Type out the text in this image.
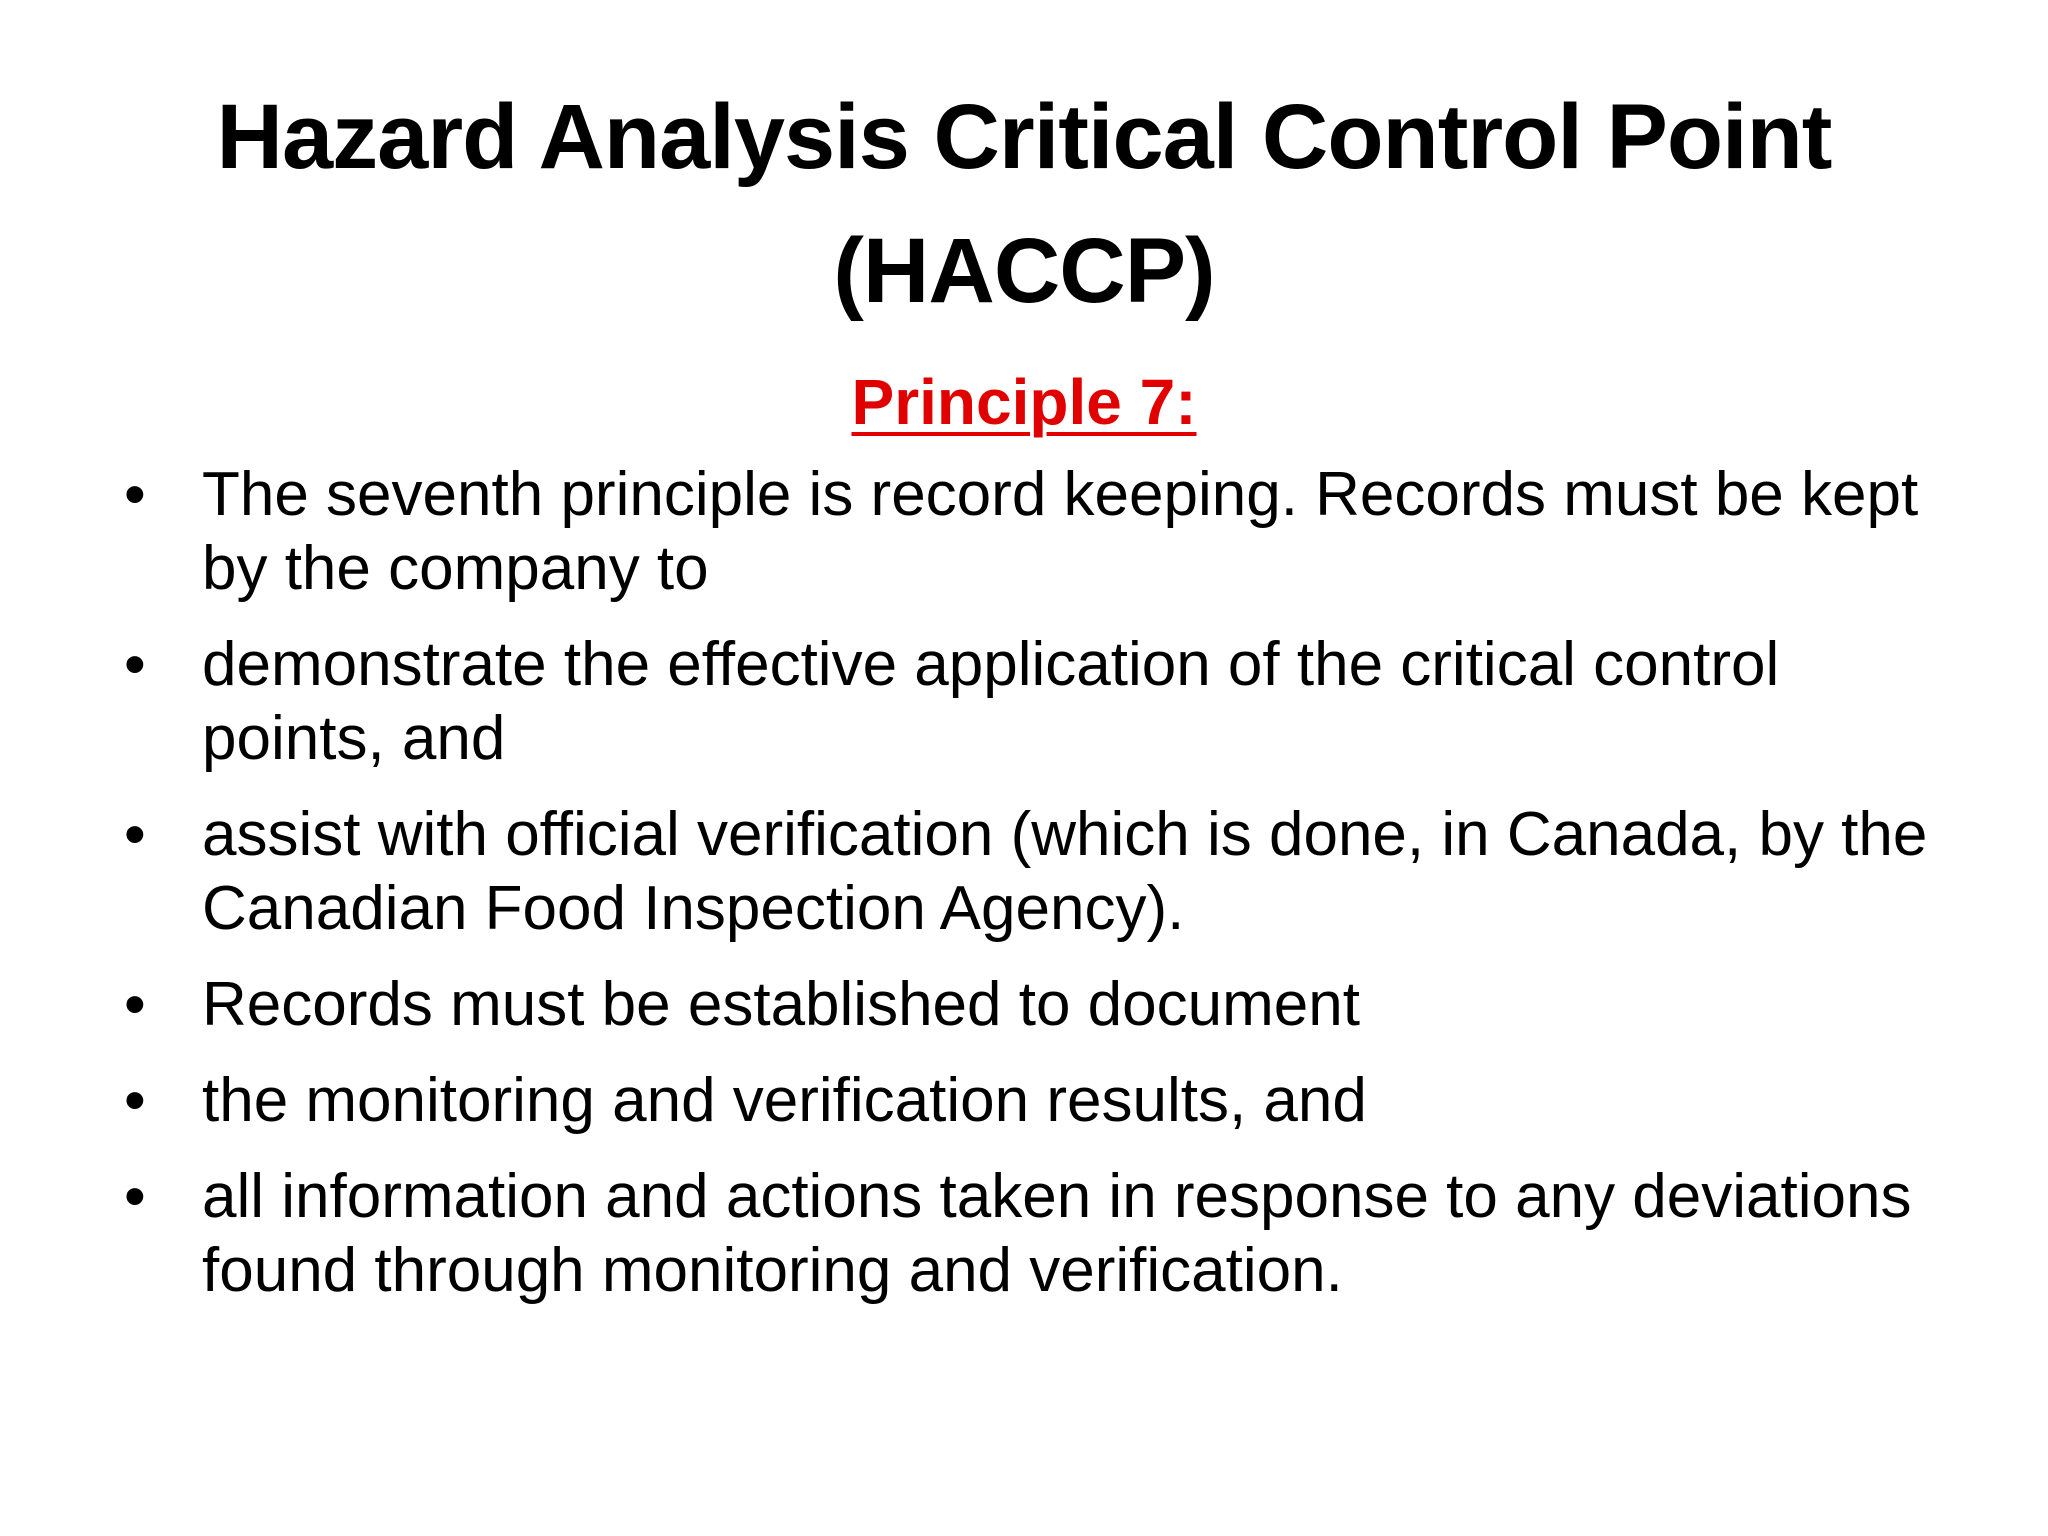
Hazard Analysis Critical Control Point
(HACCP)
Principle 7:
• The seventh principle is record keeping. Records must be kept by the company to
• demonstrate the effective application of the critical control points, and
• assist with official verification (which is done, in Canada, by the Canadian Food Inspection Agency).
• Records must be established to document
• the monitoring and verification results, and
• all information and actions taken in response to any deviations found through monitoring and verification.
